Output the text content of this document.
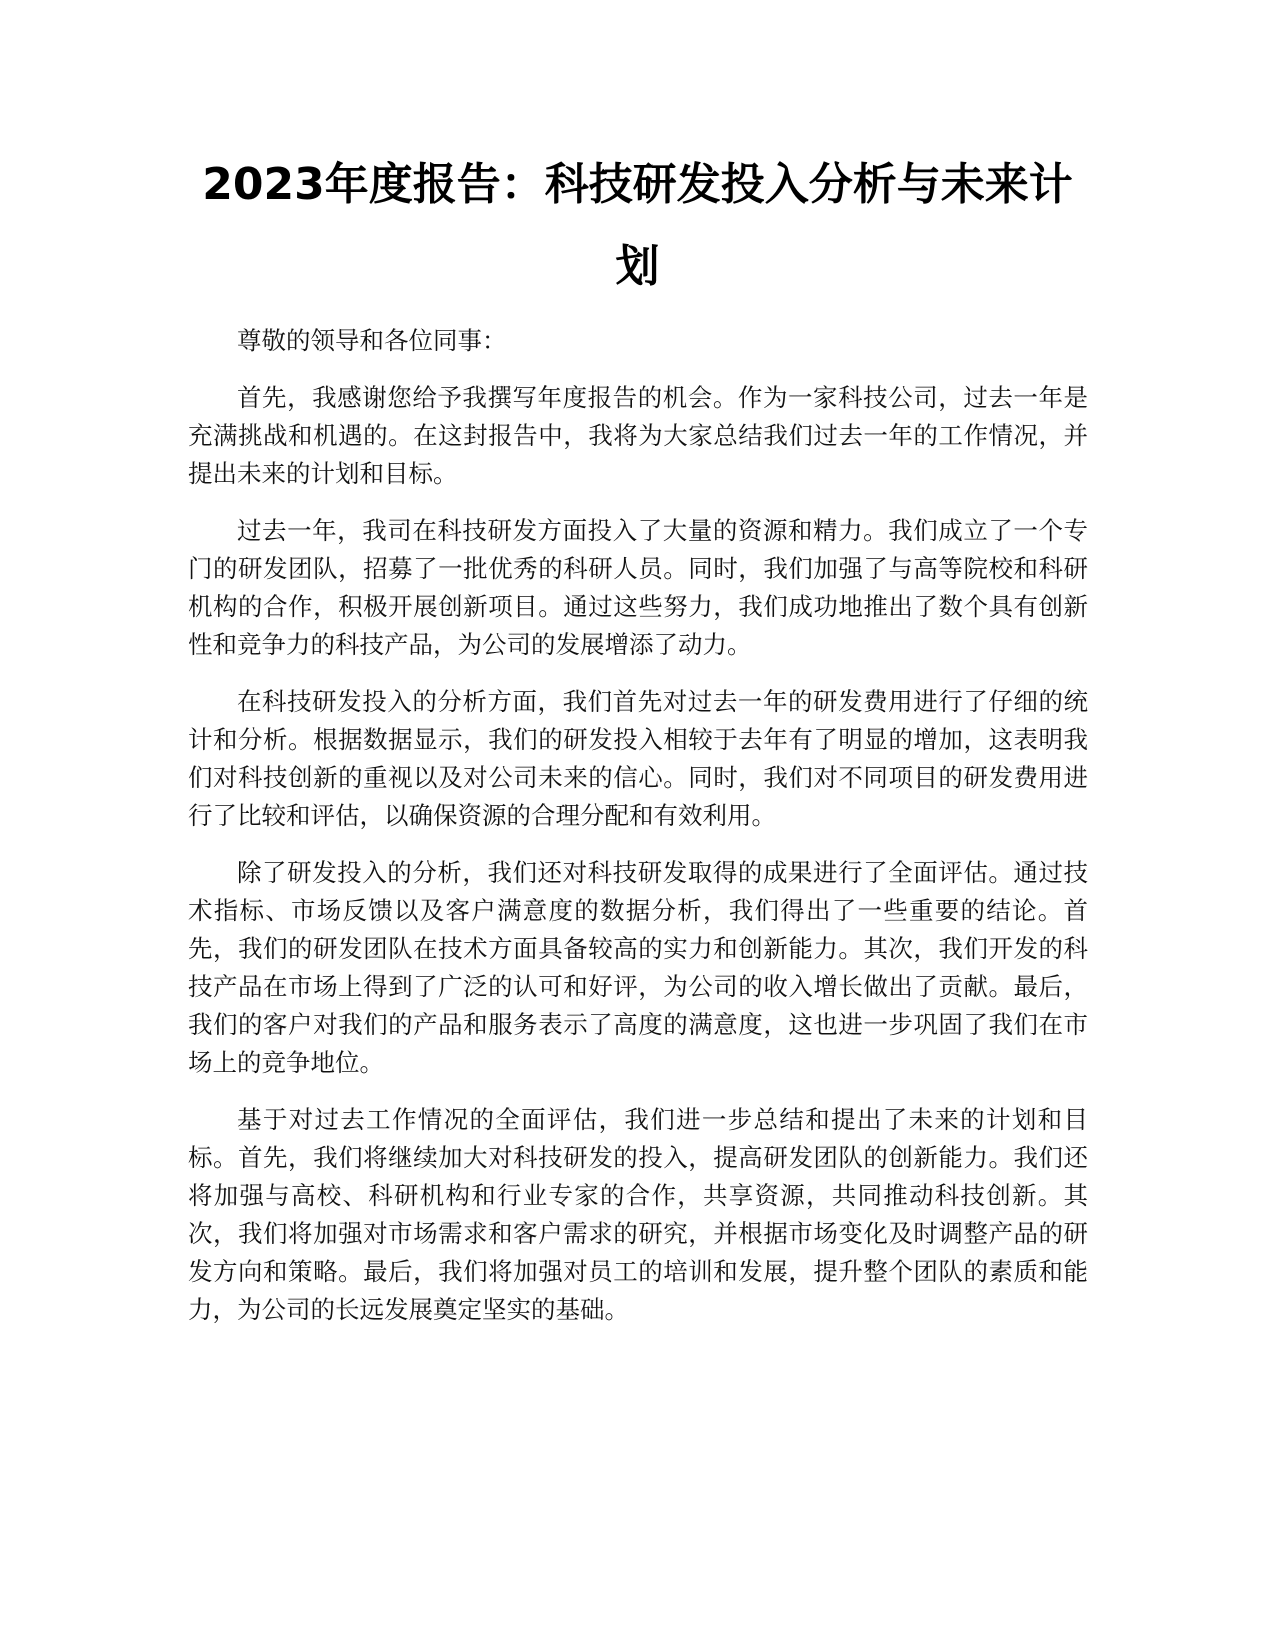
2023年度报告：科技研发投入分析与未来计划

尊敬的领导和各位同事：

首先，我感谢您给予我撰写年度报告的机会。作为一家科技公司，过去一年是充满挑战和机遇的。在这封报告中，我将为大家总结我们过去一年的工作情况，并提出未来的计划和目标。

过去一年，我司在科技研发方面投入了大量的资源和精力。我们成立了一个专门的研发团队，招募了一批优秀的科研人员。同时，我们加强了与高等院校和科研机构的合作，积极开展创新项目。通过这些努力，我们成功地推出了数个具有创新性和竞争力的科技产品，为公司的发展增添了动力。

在科技研发投入的分析方面，我们首先对过去一年的研发费用进行了仔细的统计和分析。根据数据显示，我们的研发投入相较于去年有了明显的增加，这表明我们对科技创新的重视以及对公司未来的信心。同时，我们对不同项目的研发费用进行了比较和评估，以确保资源的合理分配和有效利用。

除了研发投入的分析，我们还对科技研发取得的成果进行了全面评估。通过技术指标、市场反馈以及客户满意度的数据分析，我们得出了一些重要的结论。首先，我们的研发团队在技术方面具备较高的实力和创新能力。其次，我们开发的科技产品在市场上得到了广泛的认可和好评，为公司的收入增长做出了贡献。最后，我们的客户对我们的产品和服务表示了高度的满意度，这也进一步巩固了我们在市场上的竞争地位。

基于对过去工作情况的全面评估，我们进一步总结和提出了未来的计划和目标。首先，我们将继续加大对科技研发的投入，提高研发团队的创新能力。我们还将加强与高校、科研机构和行业专家的合作，共享资源，共同推动科技创新。其次，我们将加强对市场需求和客户需求的研究，并根据市场变化及时调整产品的研发方向和策略。最后，我们将加强对员工的培训和发展，提升整个团队的素质和能力，为公司的长远发展奠定坚实的基础。
